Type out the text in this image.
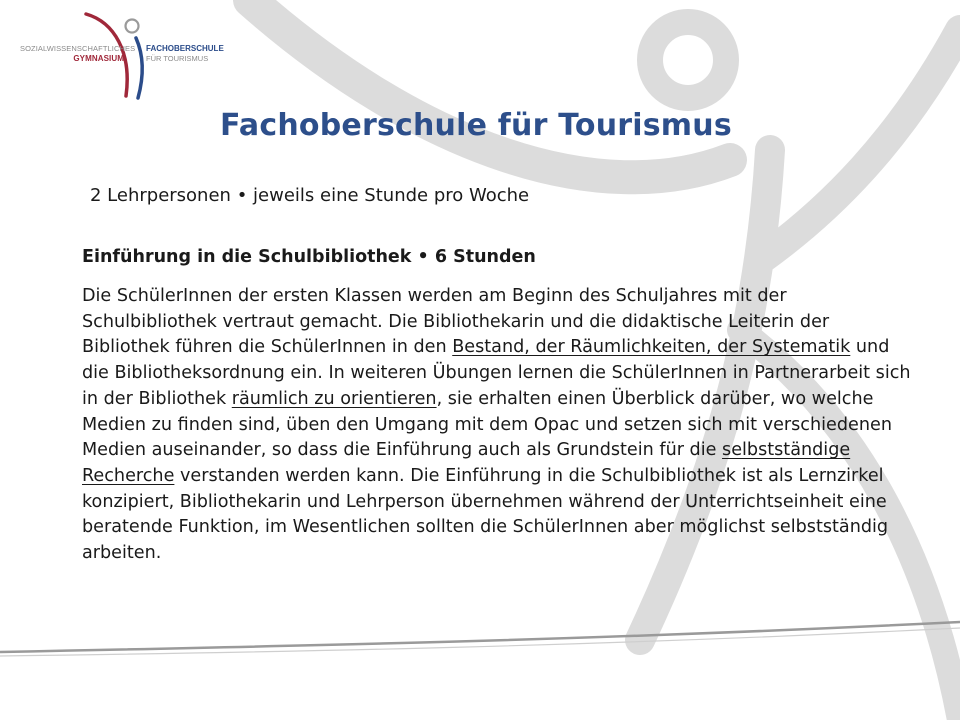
SOZIALWISSENSCHAFTLICHES
GYMNASIUM
FACHOBERSCHULE
FÜR TOURISMUS
Fachoberschule für Tourismus
2 Lehrpersonen • jeweils eine Stunde pro Woche
Einführung in die Schulbibliothek • 6 Stunden
Die SchülerInnen der ersten Klassen werden am Beginn des Schuljahres mit der Schulbibliothek vertraut gemacht. Die Bibliothekarin und die didaktische Leiterin der Bibliothek führen die SchülerInnen in den Bestand, der Räumlichkeiten, der Systematik und die Bibliotheksordnung ein. In weiteren Übungen lernen die SchülerInnen in Partnerarbeit sich in der Bibliothek räumlich zu orientieren, sie erhalten einen Überblick darüber, wo welche Medien zu finden sind, üben den Umgang mit dem Opac und setzen sich mit verschiedenen Medien auseinander, so dass die Einführung auch als Grundstein für die selbstständige Recherche verstanden werden kann. Die Einführung in die Schulbibliothek ist als Lernzirkel konzipiert, Bibliothekarin und Lehrperson übernehmen während der Unterrichtseinheit eine beratende Funktion, im Wesentlichen sollten die SchülerInnen aber möglichst selbstständig arbeiten.
